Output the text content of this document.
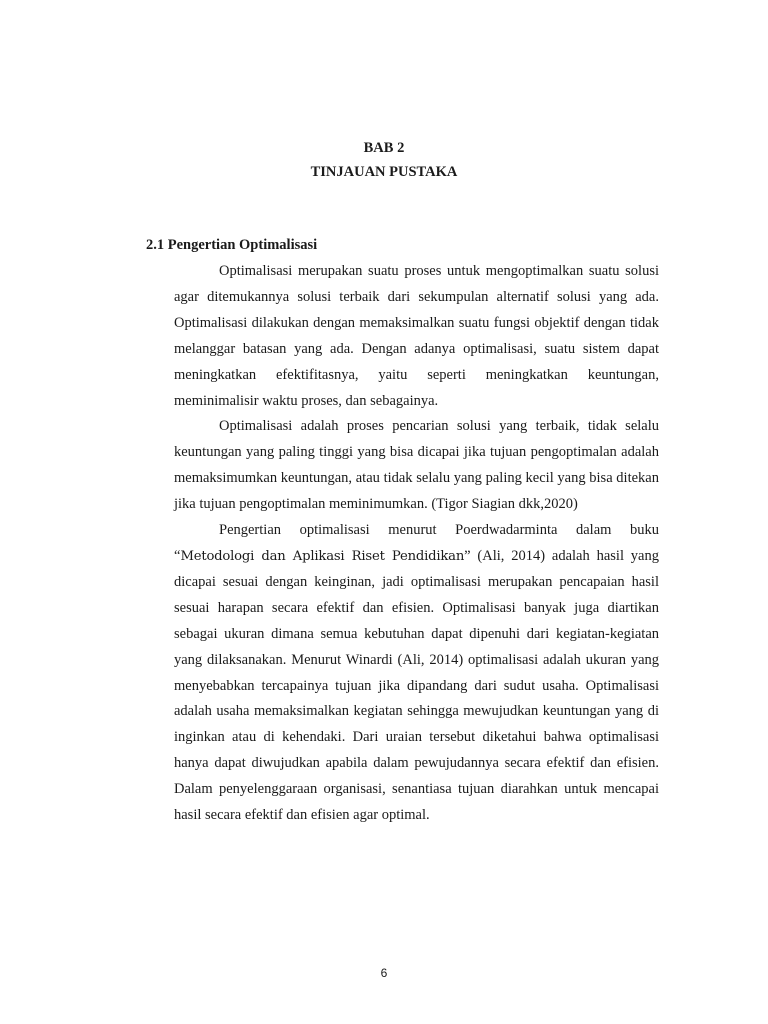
BAB 2
TINJAUAN PUSTAKA
2.1 Pengertian Optimalisasi

Optimalisasi merupakan suatu proses untuk mengoptimalkan suatu solusi agar ditemukannya solusi terbaik dari sekumpulan alternatif solusi yang ada. Optimalisasi dilakukan dengan memaksimalkan suatu fungsi objektif dengan tidak melanggar batasan yang ada. Dengan adanya optimalisasi, suatu sistem dapat meningkatkan efektifitasnya, yaitu seperti meningkatkan keuntungan, meminimalisir waktu proses, dan sebagainya.

Optimalisasi adalah proses pencarian solusi yang terbaik, tidak selalu keuntungan yang paling tinggi yang bisa dicapai jika tujuan pengoptimalan adalah memaksimumkan keuntungan, atau tidak selalu yang paling kecil yang bisa ditekan jika tujuan pengoptimalan meminimumkan. (Tigor Siagian dkk,2020)

Pengertian optimalisasi menurut Poerdwadarminta dalam buku “Metodologi dan Aplikasi Riset Pendidikan” (Ali, 2014) adalah hasil yang dicapai sesuai dengan keinginan, jadi optimalisasi merupakan pencapaian hasil sesuai harapan secara efektif dan efisien. Optimalisasi banyak juga diartikan sebagai ukuran dimana semua kebutuhan dapat dipenuhi dari kegiatan-kegiatan yang dilaksanakan. Menurut Winardi (Ali, 2014) optimalisasi adalah ukuran yang menyebabkan tercapainya tujuan jika dipandang dari sudut usaha. Optimalisasi adalah usaha memaksimalkan kegiatan sehingga mewujudkan keuntungan yang di inginkan atau di kehendaki. Dari uraian tersebut diketahui bahwa optimalisasi hanya dapat diwujudkan apabila dalam pewujudannya secara efektif dan efisien. Dalam penyelenggaraan organisasi, senantiasa tujuan diarahkan untuk mencapai hasil secara efektif dan efisien agar optimal.

6
